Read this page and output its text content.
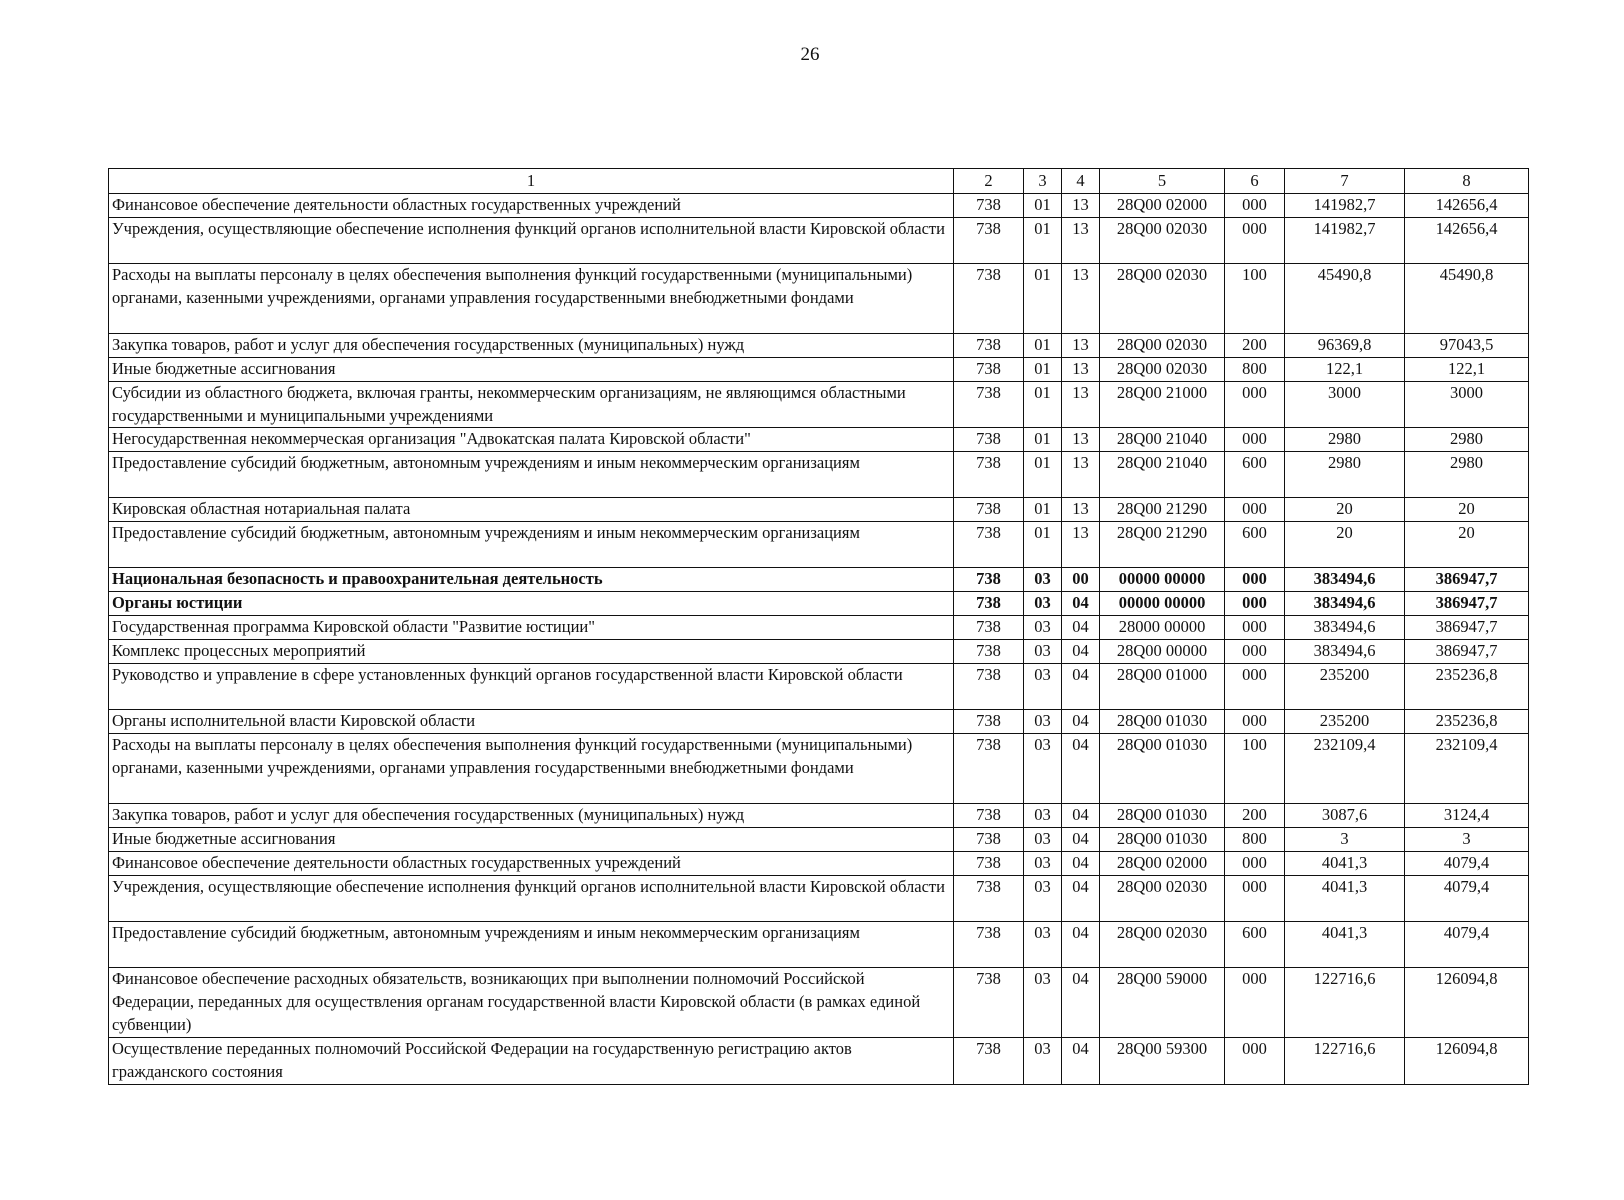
26
1	2	3	4	5	6	7	8
Финансовое обеспечение деятельности областных государственных учреждений	738	01	13	28Q00 02000	000	141982,7	142656,4
Учреждения, осуществляющие обеспечение исполнения функций органов исполнительной власти Кировской области	738	01	13	28Q00 02030	000	141982,7	142656,4
Расходы на выплаты персоналу в целях обеспечения выполнения функций государственными (муниципальными) органами, казенными учреждениями, органами управления государственными внебюджетными фондами	738	01	13	28Q00 02030	100	45490,8	45490,8
Закупка товаров, работ и услуг для обеспечения государственных (муниципальных) нужд	738	01	13	28Q00 02030	200	96369,8	97043,5
Иные бюджетные ассигнования	738	01	13	28Q00 02030	800	122,1	122,1
Субсидии из областного бюджета, включая гранты, некоммерческим организациям, не являющимся областными государственными и муниципальными учреждениями	738	01	13	28Q00 21000	000	3000	3000
Негосударственная некоммерческая организация "Адвокатская палата Кировской области"	738	01	13	28Q00 21040	000	2980	2980
Предоставление субсидий бюджетным, автономным учреждениям и иным некоммерческим организациям	738	01	13	28Q00 21040	600	2980	2980
Кировская областная нотариальная палата	738	01	13	28Q00 21290	000	20	20
Предоставление субсидий бюджетным, автономным учреждениям и иным некоммерческим организациям	738	01	13	28Q00 21290	600	20	20
Национальная безопасность и правоохранительная деятельность	738	03	00	00000 00000	000	383494,6	386947,7
Органы юстиции	738	03	04	00000 00000	000	383494,6	386947,7
Государственная программа Кировской области "Развитие юстиции"	738	03	04	28000 00000	000	383494,6	386947,7
Комплекс процессных мероприятий	738	03	04	28Q00 00000	000	383494,6	386947,7
Руководство и управление в сфере установленных функций органов государственной власти Кировской области	738	03	04	28Q00 01000	000	235200	235236,8
Органы исполнительной власти Кировской области	738	03	04	28Q00 01030	000	235200	235236,8
Расходы на выплаты персоналу в целях обеспечения выполнения функций государственными (муниципальными) органами, казенными учреждениями, органами управления государственными внебюджетными фондами	738	03	04	28Q00 01030	100	232109,4	232109,4
Закупка товаров, работ и услуг для обеспечения государственных (муниципальных) нужд	738	03	04	28Q00 01030	200	3087,6	3124,4
Иные бюджетные ассигнования	738	03	04	28Q00 01030	800	3	3
Финансовое обеспечение деятельности областных государственных учреждений	738	03	04	28Q00 02000	000	4041,3	4079,4
Учреждения, осуществляющие обеспечение исполнения функций органов исполнительной власти Кировской области	738	03	04	28Q00 02030	000	4041,3	4079,4
Предоставление субсидий бюджетным, автономным учреждениям и иным некоммерческим организациям	738	03	04	28Q00 02030	600	4041,3	4079,4
Финансовое обеспечение расходных обязательств, возникающих при выполнении полномочий Российской Федерации, переданных для осуществления органам государственной власти Кировской области (в рамках единой субвенции)	738	03	04	28Q00 59000	000	122716,6	126094,8
Осуществление переданных полномочий Российской Федерации на государственную регистрацию актов гражданского состояния	738	03	04	28Q00 59300	000	122716,6	126094,8
